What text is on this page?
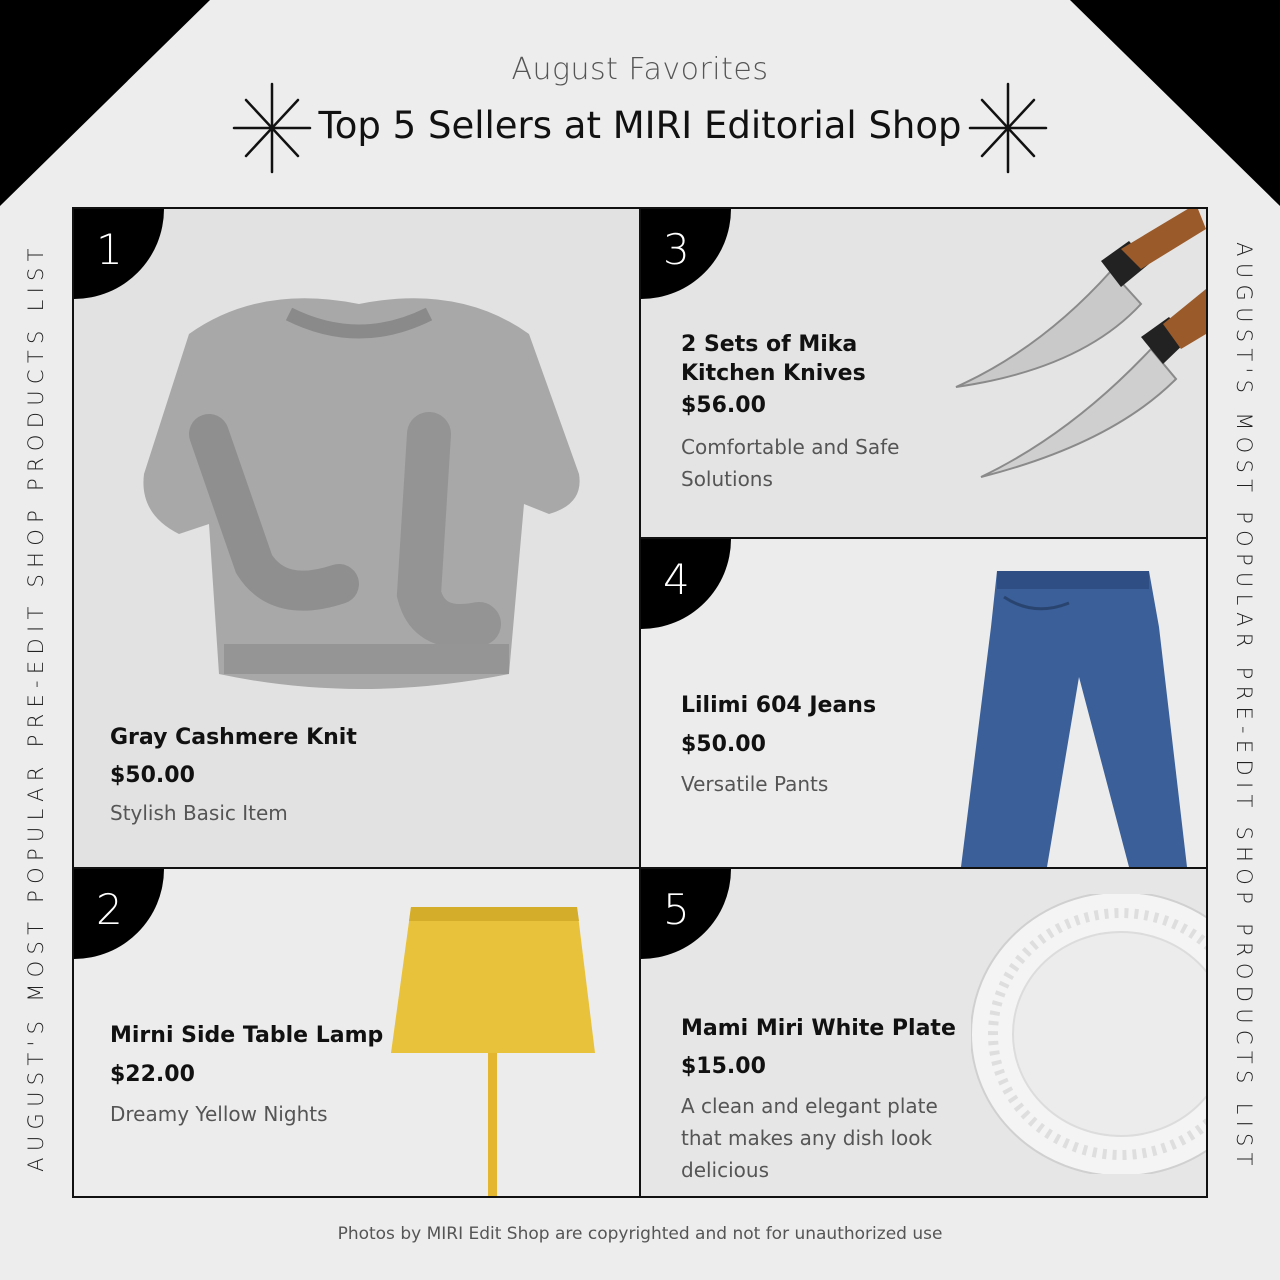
August Favorites
Top 5 Sellers at MIRI Editorial Shop
AUGUST'S MOST POPULAR PRE-EDIT SHOP PRODUCTS LIST	AUGUST'S MOST POPULAR PRE-EDIT SHOP PRODUCTS LIST
1
Gray Cashmere Knit
$50.00
Stylish Basic Item
3
2 Sets of Mika Kitchen Knives
$56.00
Comfortable and Safe Solutions
4
Lilimi 604 Jeans
$50.00
Versatile Pants
2
Mirni Side Table Lamp
$22.00
Dreamy Yellow Nights
5
Mami Miri White Plate
$15.00
A clean and elegant plate that makes any dish look delicious
Photos by MIRI Edit Shop are copyrighted and not for unauthorized use
